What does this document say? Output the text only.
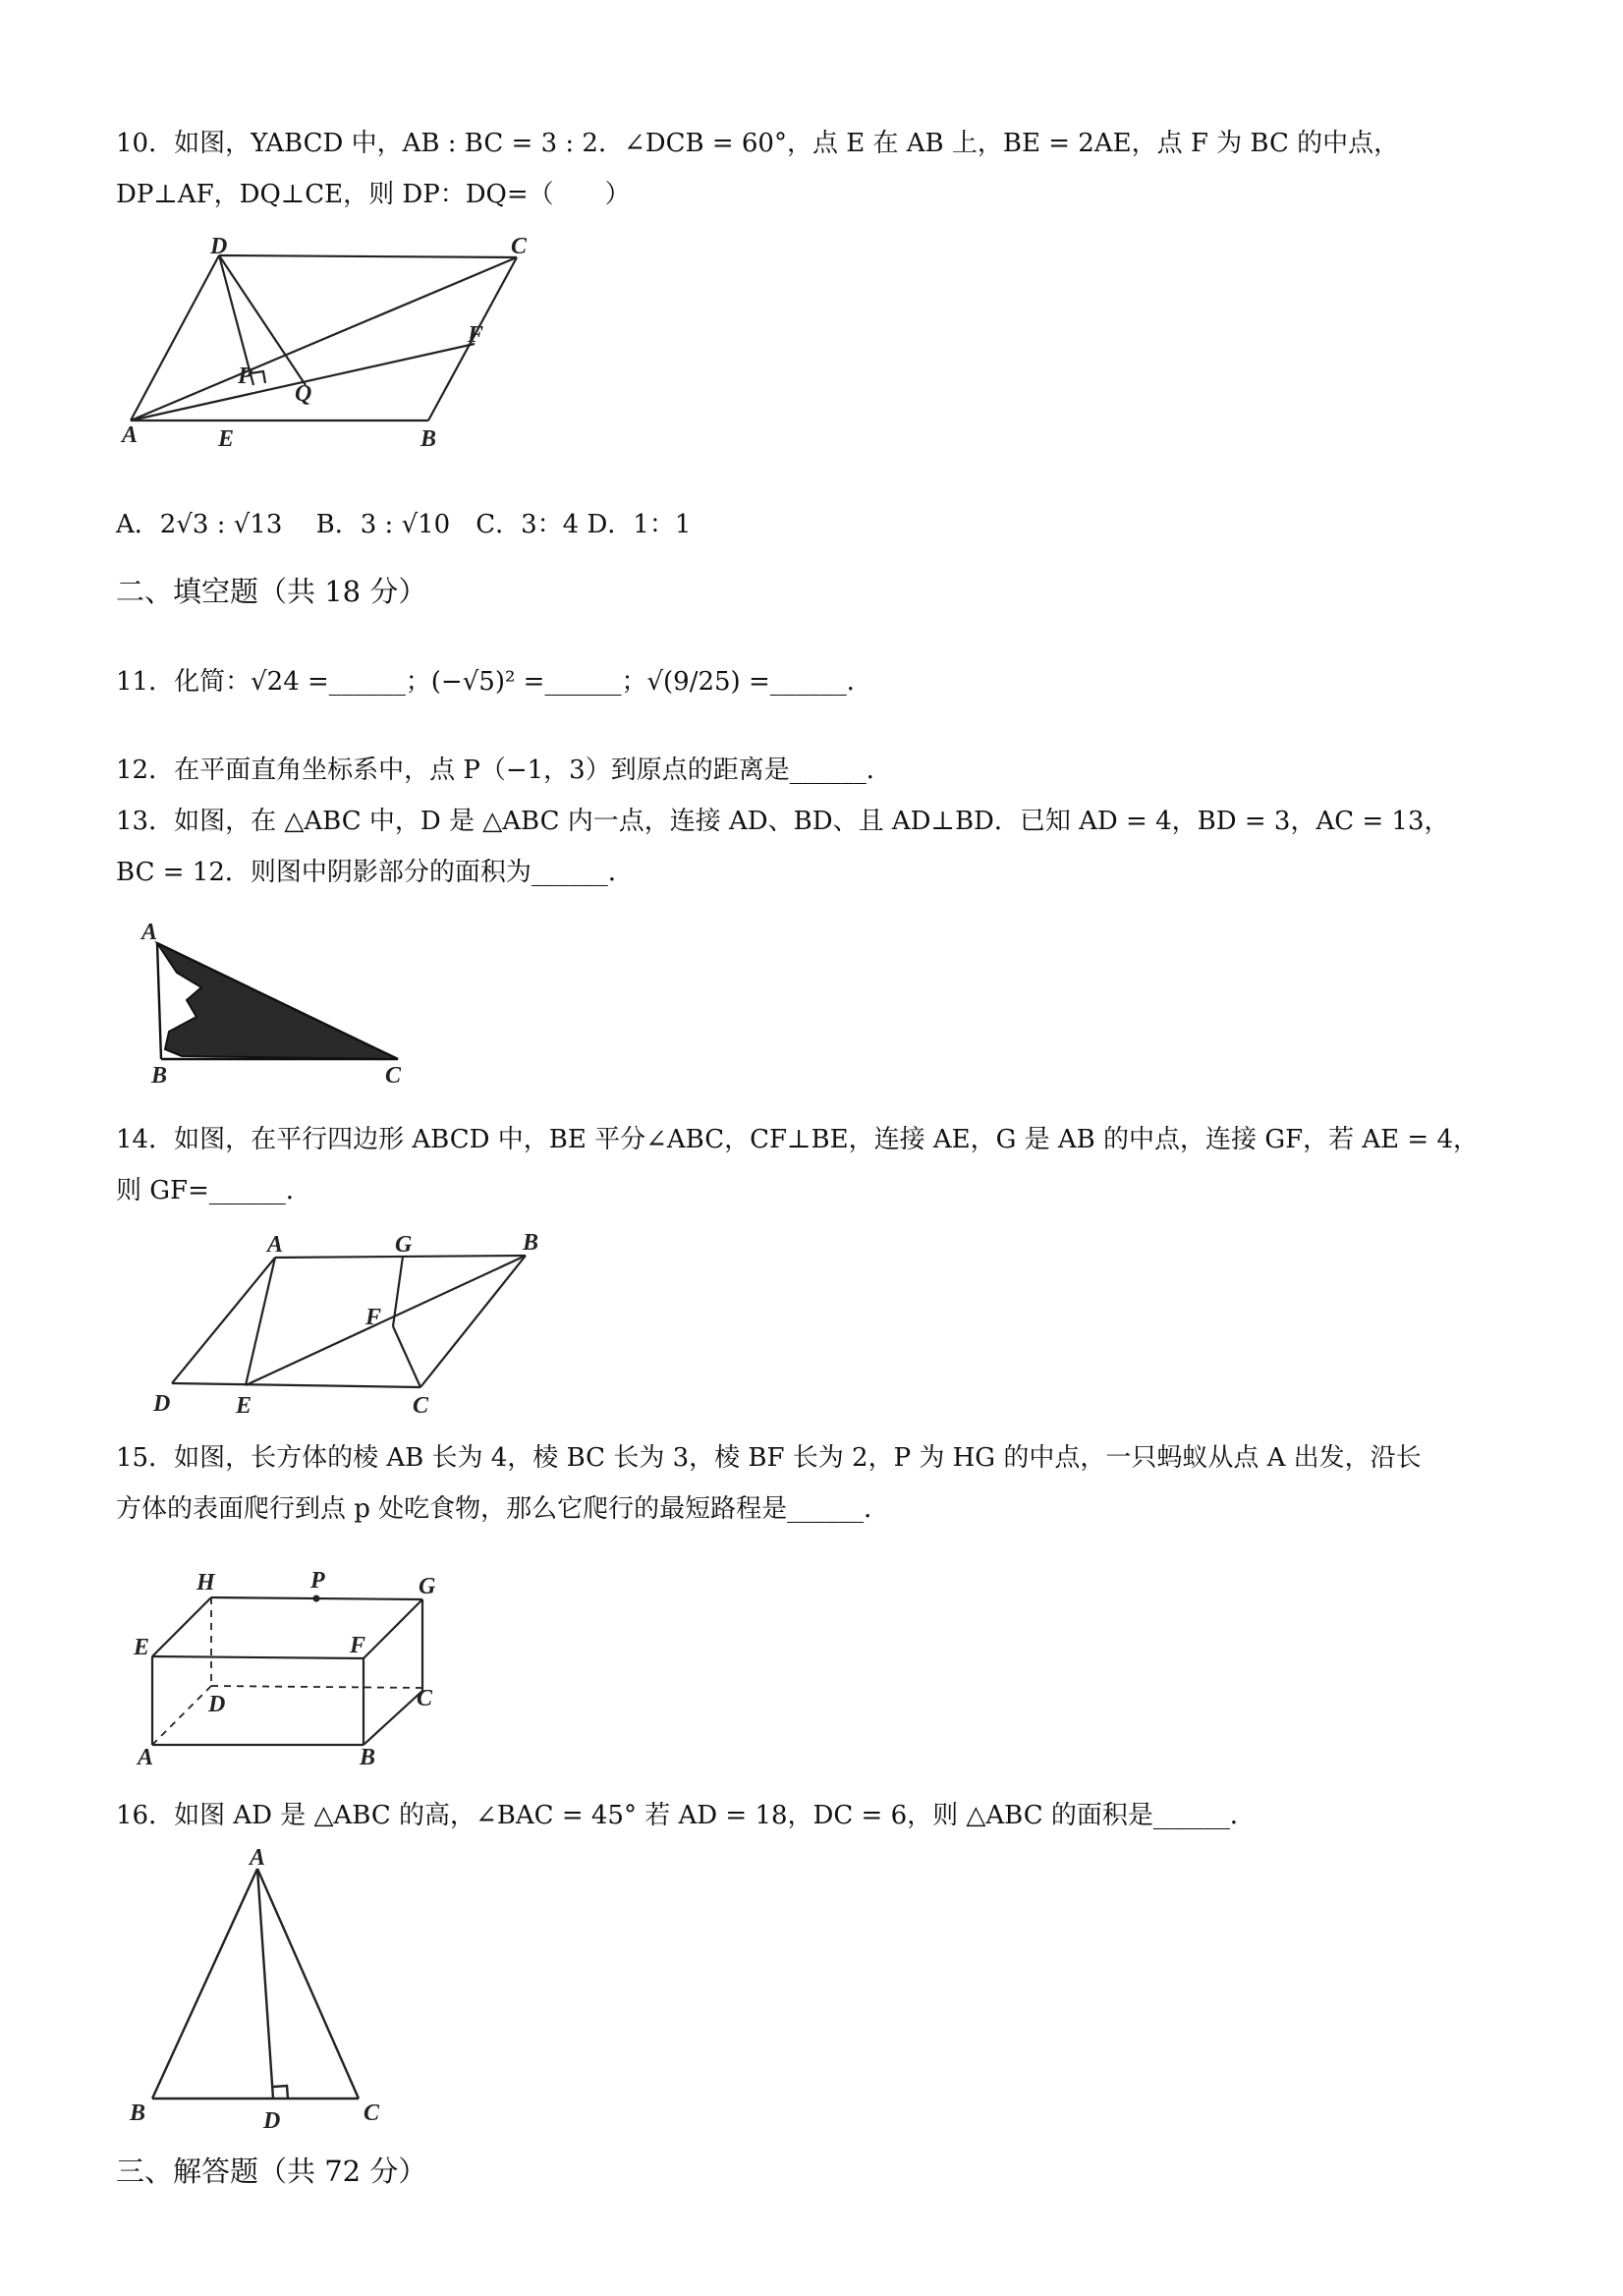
10．如图，YABCD 中，AB : BC = 3 : 2．∠DCB = 60°，点 E 在 AB 上，BE = 2AE，点 F 为 BC 的中点，
DP⊥AF，DQ⊥CE，则 DP：DQ=（　　）
D	C
F
P
Q
A	E	B
A．2√3 : √13　 B．3 : √10　C．3：4 D．1：1
二、填空题（共 18 分）
11．化简：√24 =______；(−√5)² =______；√(9/25) =______．
12．在平面直角坐标系中，点 P（−1，3）到原点的距离是______．
13．如图，在 △ABC 中，D 是 △ABC 内一点，连接 AD、BD、且 AD⊥BD．已知 AD = 4，BD = 3，AC = 13，
BC = 12．则图中阴影部分的面积为______．
A
B	C
14．如图，在平行四边形 ABCD 中，BE 平分∠ABC，CF⊥BE，连接 AE，G 是 AB 的中点，连接 GF，若 AE = 4，
则 GF=______．
A	G	B
F
D	E	C
15．如图，长方体的棱 AB 长为 4，棱 BC 长为 3，棱 BF 长为 2，P 为 HG 的中点，一只蚂蚁从点 A 出发，沿长
方体的表面爬行到点 p 处吃食物，那么它爬行的最短路程是______．
H	P	G
E	F
D	C
A	B
16．如图 AD 是 △ABC 的高，∠BAC = 45° 若 AD = 18，DC = 6，则 △ABC 的面积是______．
A
B	D	C
三、解答题（共 72 分）
